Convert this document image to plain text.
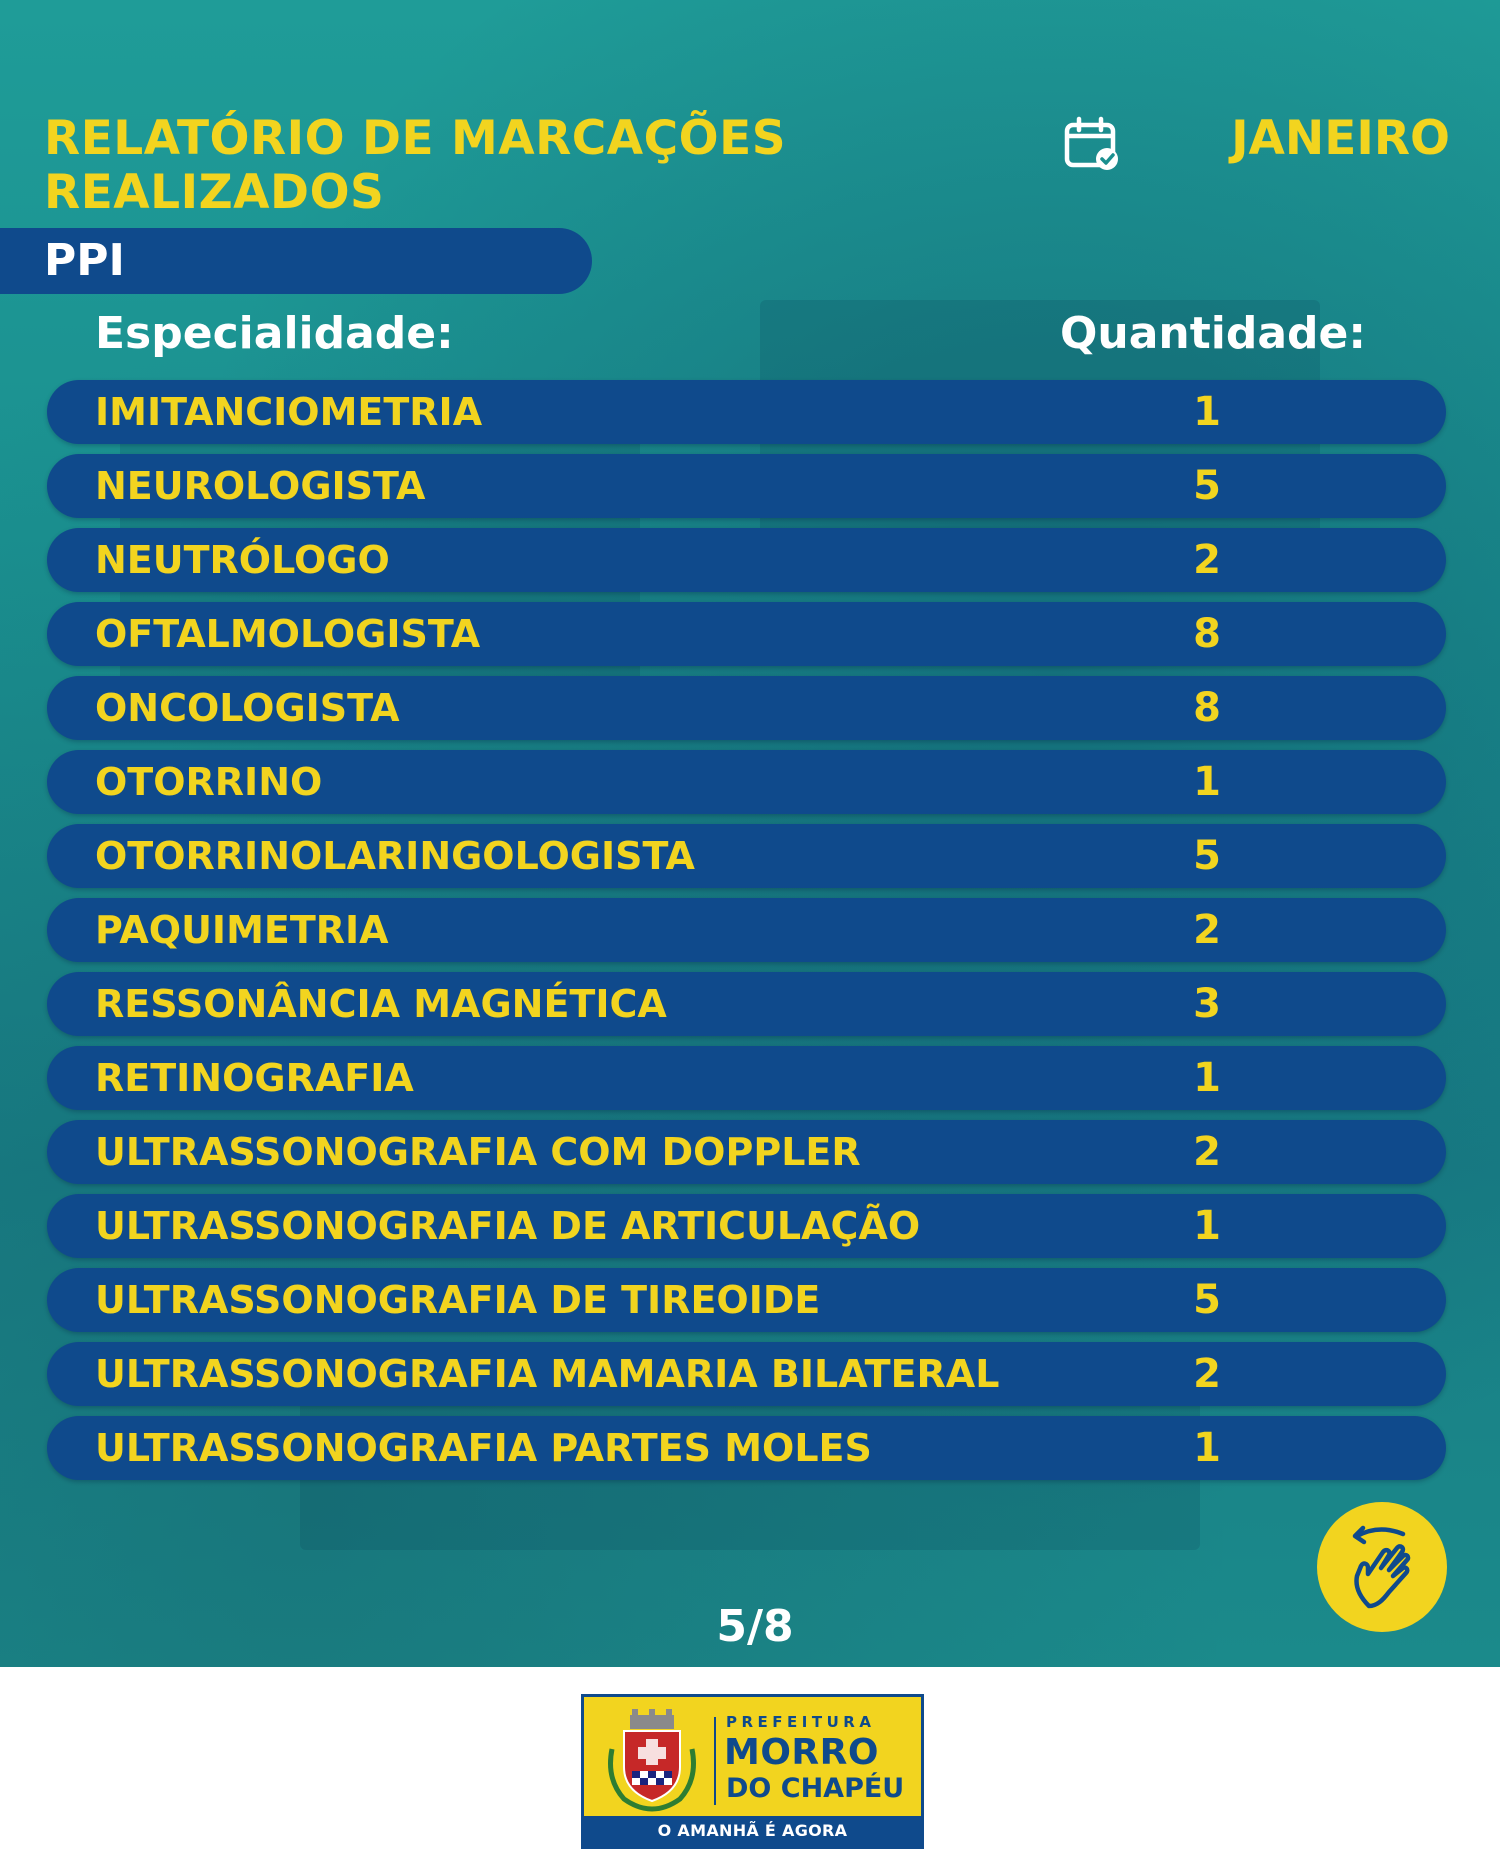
RELATÓRIO DE MARCAÇÕES REALIZADOS
JANEIRO
PPI
Especialidade:	Quantidade:
IMITANCIOMETRIA	1
NEUROLOGISTA	5
NEUTRÓLOGO	2
OFTALMOLOGISTA	8
ONCOLOGISTA	8
OTORRINO	1
OTORRINOLARINGOLOGISTA	5
PAQUIMETRIA	2
RESSONÂNCIA MAGNÉTICA	3
RETINOGRAFIA	1
ULTRASSONOGRAFIA COM DOPPLER	2
ULTRASSONOGRAFIA DE ARTICULAÇÃO	1
ULTRASSONOGRAFIA DE TIREOIDE	5
ULTRASSONOGRAFIA MAMARIA BILATERAL	2
ULTRASSONOGRAFIA PARTES MOLES	1
5/8
PREFEITURA
MORRO
DO CHAPÉU
O AMANHÃ É AGORA
